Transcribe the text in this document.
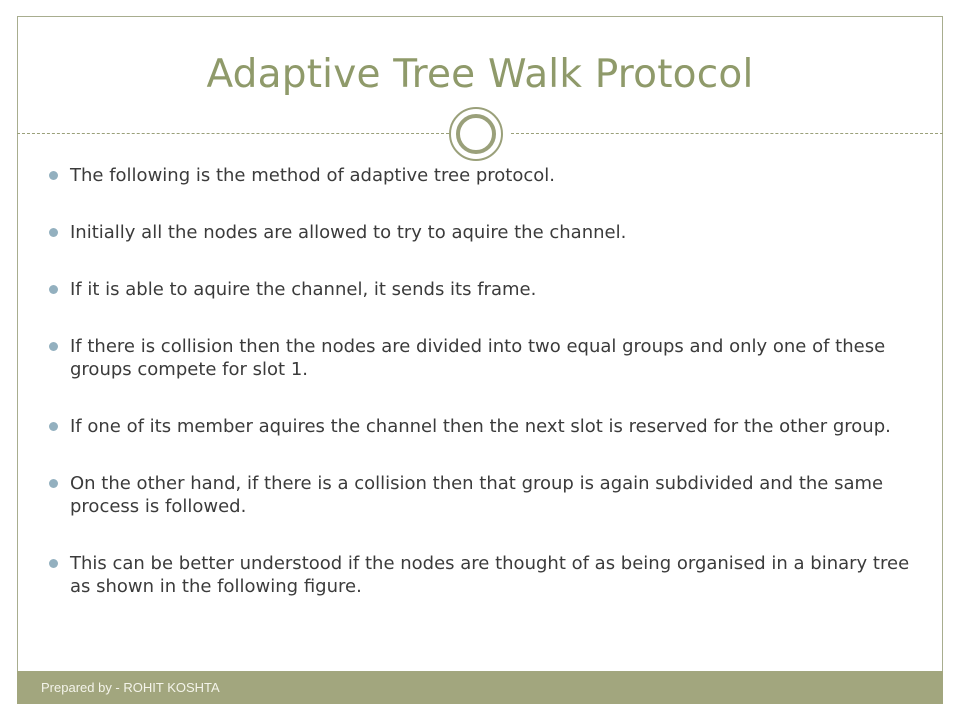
Adaptive Tree Walk Protocol
The following is the method of adaptive tree protocol.
Initially all the nodes are allowed to try to aquire the channel.
If it is able to aquire the channel, it sends its frame.
If there is collision then the nodes are divided into two equal groups and only one of these groups compete for slot 1.
If one of its member aquires the channel then the next slot is reserved for the other group.
On the other hand, if there is a collision then that group is again subdivided and the same process is followed.
This can be better understood if the nodes are thought of as being organised in a binary tree as shown in the following figure.
Prepared by - ROHIT KOSHTA
